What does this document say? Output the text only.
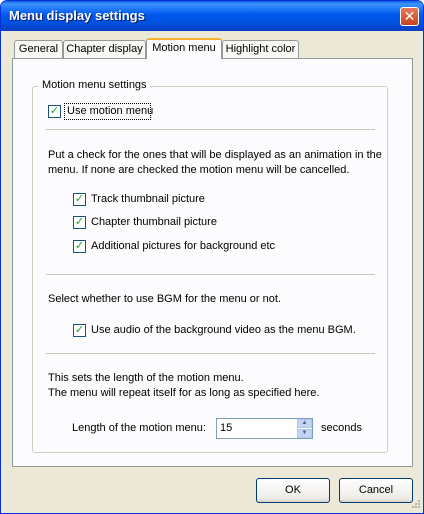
Menu display settings	✕
General Chapter display Motion menu Highlight color
Motion menu settings
✓ Use motion menu
Put a check for the ones that will be displayed as an animation in the
menu. If none are checked the motion menu will be cancelled.
✓ Track thumbnail picture
✓ Chapter thumbnail picture
✓ Additional pictures for background etc
Select whether to use BGM for the menu or not.
✓ Use audio of the background video as the menu BGM.
This sets the length of the motion menu.
The menu will repeat itself for as long as specified here.
Length of the motion menu:
15	▲
▼	seconds
OK	Cancel
